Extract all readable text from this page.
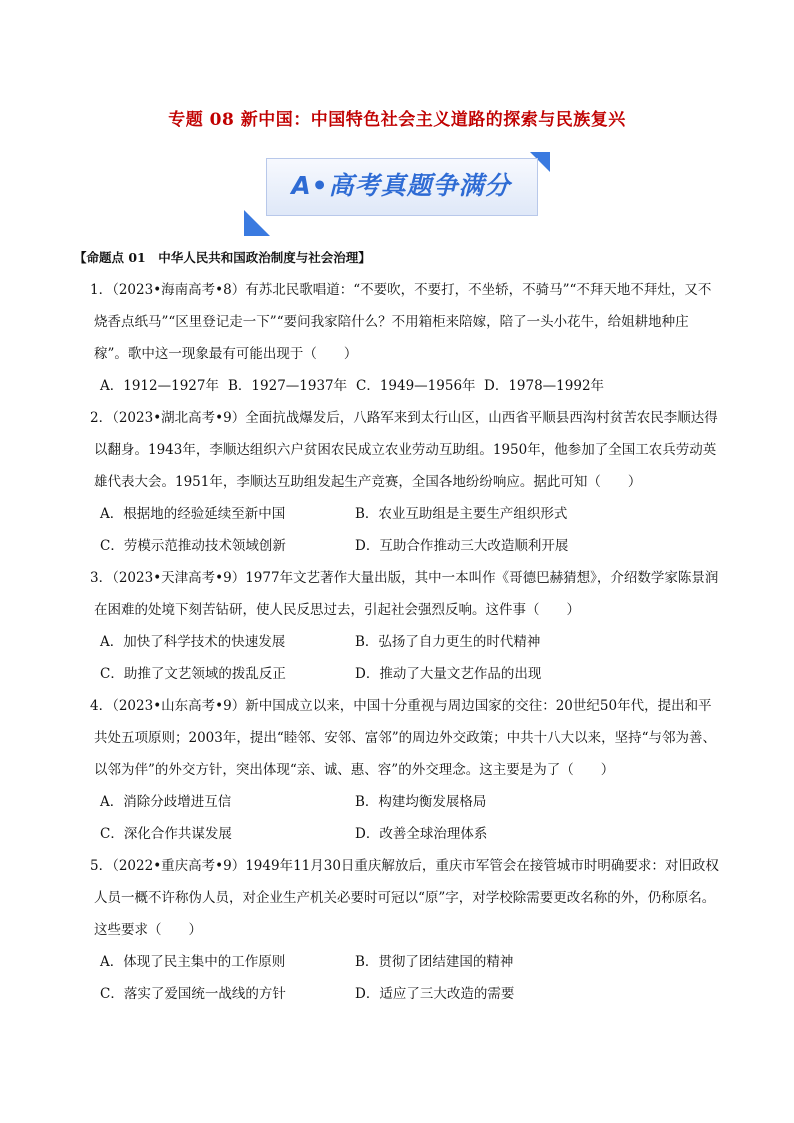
专题 08 新中国：中国特色社会主义道路的探索与民族复兴
A•高考真题争满分
【命题点 01　中华人民共和国政治制度与社会治理】

1．（2023•海南高考•8）有苏北民歌唱道：“不要吹，不要打，不坐轿，不骑马”“不拜天地不拜灶，又不烧香点纸马”“区里登记走一下”“要问我家陪什么？不用箱柜来陪嫁，陪了一头小花牛，给姐耕地种庄稼”。歌中这一现象最有可能出现于（　　）

A．1912—1927年 B．1927—1937年 C．1949—1956年 D．1978—1992年

2．（2023•湖北高考•9）全面抗战爆发后，八路军来到太行山区，山西省平顺县西沟村贫苦农民李顺达得以翻身。1943年，李顺达组织六户贫困农民成立农业劳动互助组。1950年，他参加了全国工农兵劳动英雄代表大会。1951年，李顺达互助组发起生产竞赛，全国各地纷纷响应。据此可知（　　）

A．根据地的经验延续至新中国	B．农业互助组是主要生产组织形式
C．劳模示范推动技术领域创新	D．互助合作推动三大改造顺利开展

3．（2023•天津高考•9）1977年文艺著作大量出版，其中一本叫作《哥德巴赫猜想》，介绍数学家陈景润在困难的处境下刻苦钻研，使人民反思过去，引起社会强烈反响。这件事（　　）

A．加快了科学技术的快速发展	B．弘扬了自力更生的时代精神
C．助推了文艺领域的拨乱反正	D．推动了大量文艺作品的出现

4．（2023•山东高考•9）新中国成立以来，中国十分重视与周边国家的交往：20世纪50年代，提出和平共处五项原则；2003年，提出“睦邻、安邻、富邻”的周边外交政策；中共十八大以来，坚持“与邻为善、以邻为伴”的外交方针，突出体现“亲、诚、惠、容”的外交理念。这主要是为了（　　）

A．消除分歧增进互信	B．构建均衡发展格局
C．深化合作共谋发展	D．改善全球治理体系

5．（2022•重庆高考•9）1949年11月30日重庆解放后，重庆市军管会在接管城市时明确要求：对旧政权人员一概不许称伪人员，对企业生产机关必要时可冠以“原”字，对学校除需要更改名称的外，仍称原名。这些要求（　　）

A．体现了民主集中的工作原则	B．贯彻了团结建国的精神
C．落实了爱国统一战线的方针	D．适应了三大改造的需要
